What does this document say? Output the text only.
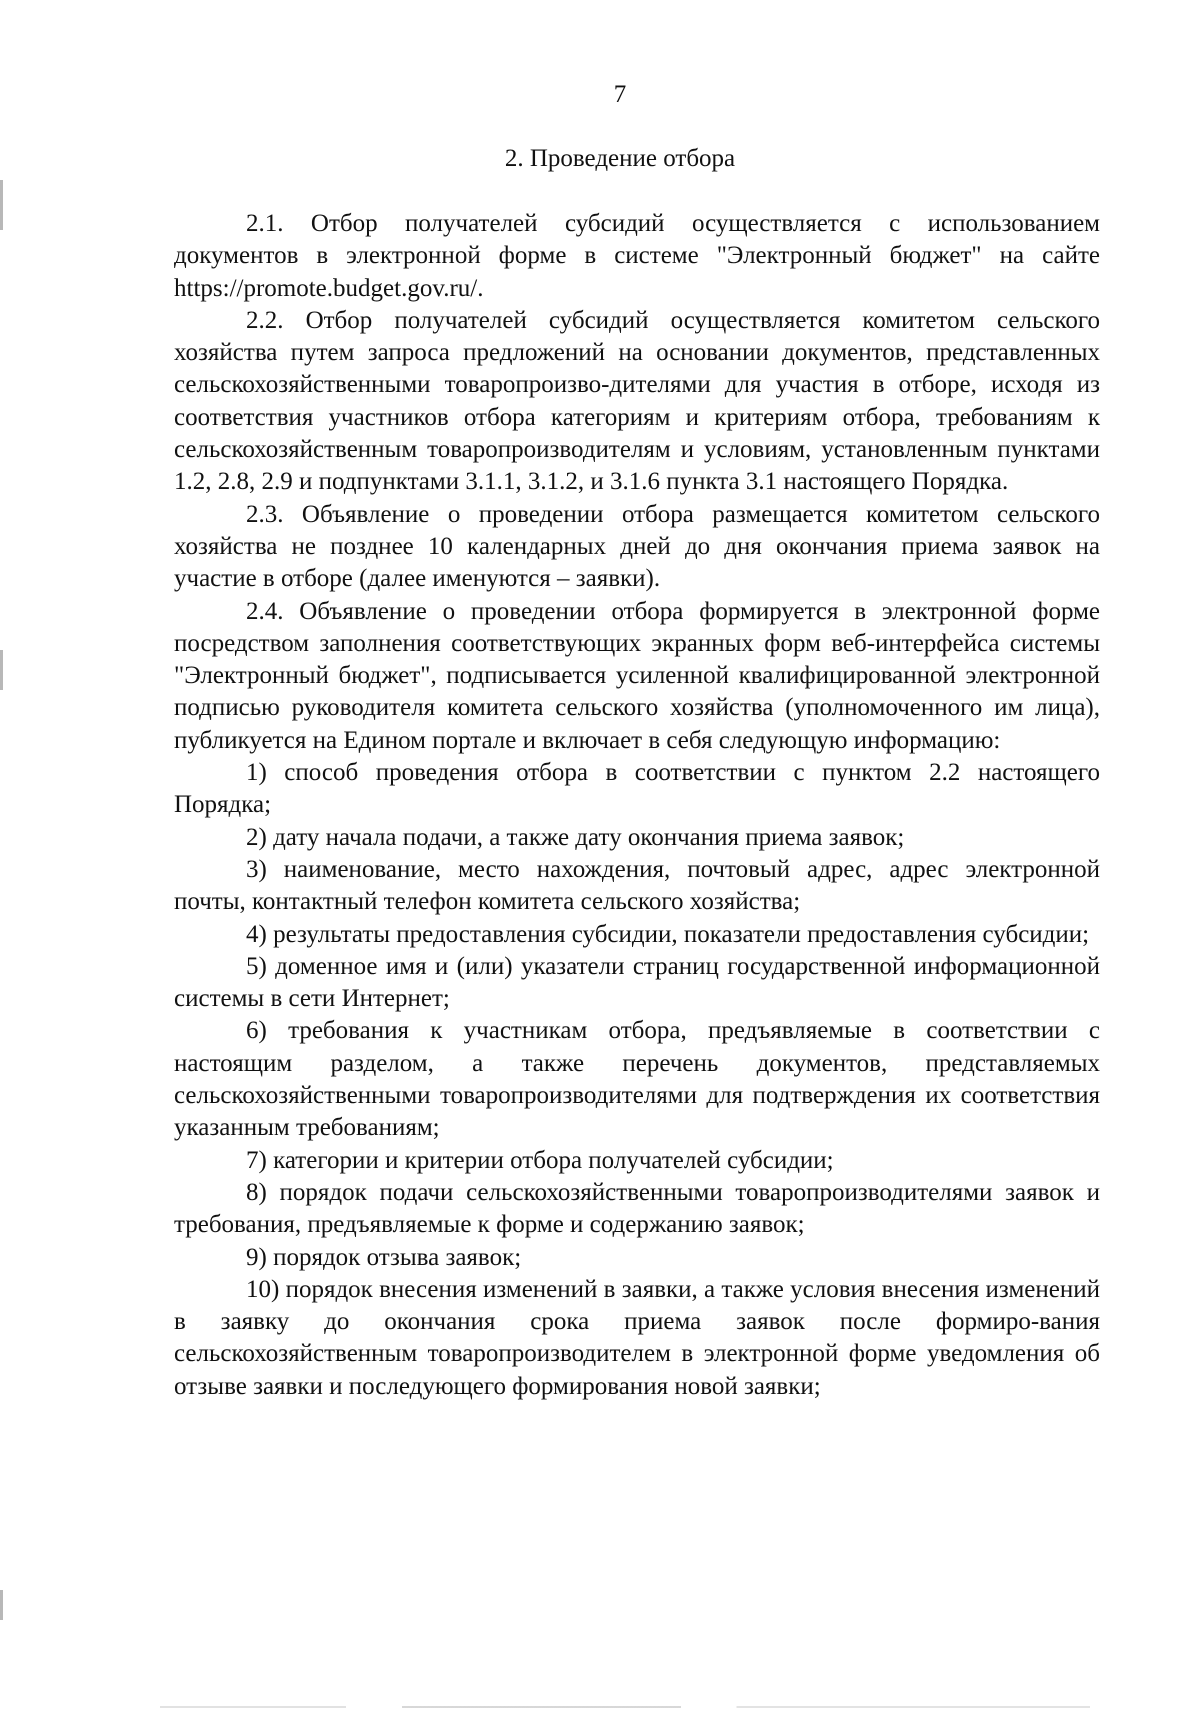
7
2. Проведение отбора

2.1. Отбор получателей субсидий осуществляется с использованием документов в электронной форме в системе "Электронный бюджет" на сайте https://promote.budget.gov.ru/.

2.2. Отбор получателей субсидий осуществляется комитетом сельского хозяйства путем запроса предложений на основании документов, представленных сельскохозяйственными товаропроизво-дителями для участия в отборе, исходя из соответствия участников отбора категориям и критериям отбора, требованиям к сельскохозяйственным товаропроизводителям и условиям, установленным пунктами 1.2, 2.8, 2.9 и подпунктами 3.1.1, 3.1.2, и 3.1.6 пункта 3.1 настоящего Порядка.

2.3. Объявление о проведении отбора размещается комитетом сельского хозяйства не позднее 10 календарных дней до дня окончания приема заявок на участие в отборе (далее именуются – заявки).

2.4. Объявление о проведении отбора формируется в электронной форме посредством заполнения соответствующих экранных форм веб-интерфейса системы "Электронный бюджет", подписывается усиленной квалифицированной электронной подписью руководителя комитета сельского хозяйства (уполномоченного им лица), публикуется на Едином портале и включает в себя следующую информацию:

1) способ проведения отбора в соответствии с пунктом 2.2 настоящего Порядка;

2) дату начала подачи, а также дату окончания приема заявок;

3) наименование, место нахождения, почтовый адрес, адрес электронной почты, контактный телефон комитета сельского хозяйства;

4) результаты предоставления субсидии, показатели предоставления субсидии;

5) доменное имя и (или) указатели страниц государственной информационной системы в сети Интернет;

6) требования к участникам отбора, предъявляемые в соответствии с настоящим разделом, а также перечень документов, представляемых сельскохозяйственными товаропроизводителями для подтверждения их соответствия указанным требованиям;

7) категории и критерии отбора получателей субсидии;

8) порядок подачи сельскохозяйственными товаропроизводителями заявок и требования, предъявляемые к форме и содержанию заявок;

9) порядок отзыва заявок;

10) порядок внесения изменений в заявки, а также условия внесения изменений в заявку до окончания срока приема заявок после формиро-вания сельскохозяйственным товаропроизводителем в электронной форме уведомления об отзыве заявки и последующего формирования новой заявки;
